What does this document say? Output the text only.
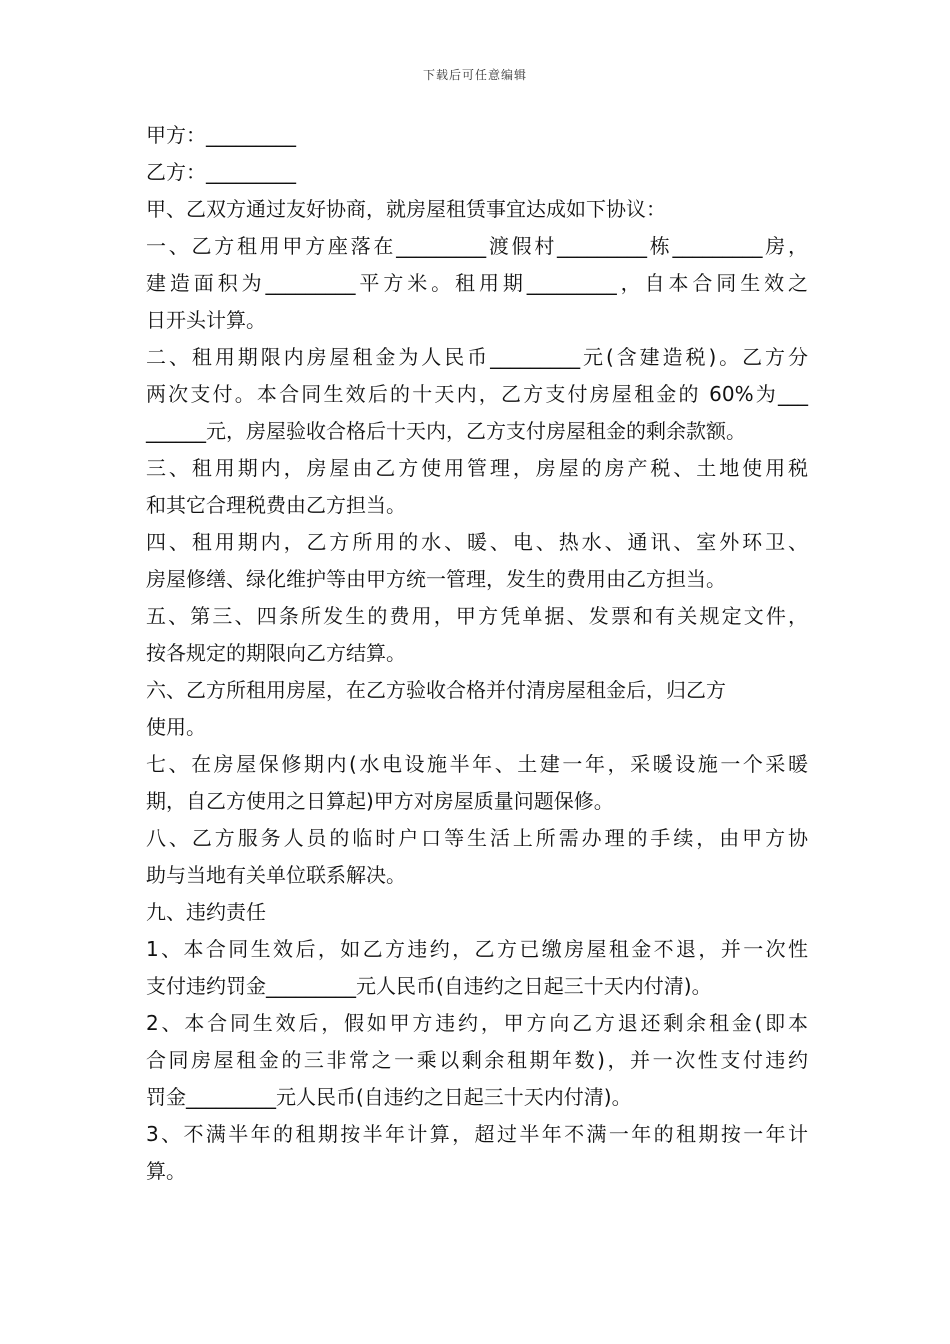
下载后可任意编辑
甲方：_________
乙方：_________
甲、乙双方通过友好协商，就房屋租赁事宜达成如下协议：
一、乙方租用甲方座落在_________渡假村_________栋_________房，
建造面积为_________平方米。租用期_________，自本合同生效之
日开头计算。
二、租用期限内房屋租金为人民币_________元(含建造税)。乙方分
两次支付。本合同生效后的十天内，乙方支付房屋租金的 60%为___
______元，房屋验收合格后十天内，乙方支付房屋租金的剩余款额。
三、租用期内，房屋由乙方使用管理，房屋的房产税、土地使用税
和其它合理税费由乙方担当。
四、租用期内，乙方所用的水、暖、电、热水、通讯、室外环卫、
房屋修缮、绿化维护等由甲方统一管理，发生的费用由乙方担当。
五、第三、四条所发生的费用，甲方凭单据、发票和有关规定文件，
按各规定的期限向乙方结算。
六、乙方所租用房屋，在乙方验收合格并付清房屋租金后，归乙方
使用。
七、在房屋保修期内(水电设施半年、土建一年，采暖设施一个采暖
期，自乙方使用之日算起)甲方对房屋质量问题保修。
八、乙方服务人员的临时户口等生活上所需办理的手续，由甲方协
助与当地有关单位联系解决。
九、违约责任
1、本合同生效后，如乙方违约，乙方已缴房屋租金不退，并一次性
支付违约罚金_________元人民币(自违约之日起三十天内付清)。
2、本合同生效后，假如甲方违约，甲方向乙方退还剩余租金(即本
合同房屋租金的三非常之一乘以剩余租期年数)，并一次性支付违约
罚金_________元人民币(自违约之日起三十天内付清)。
3、不满半年的租期按半年计算，超过半年不满一年的租期按一年计
算。
